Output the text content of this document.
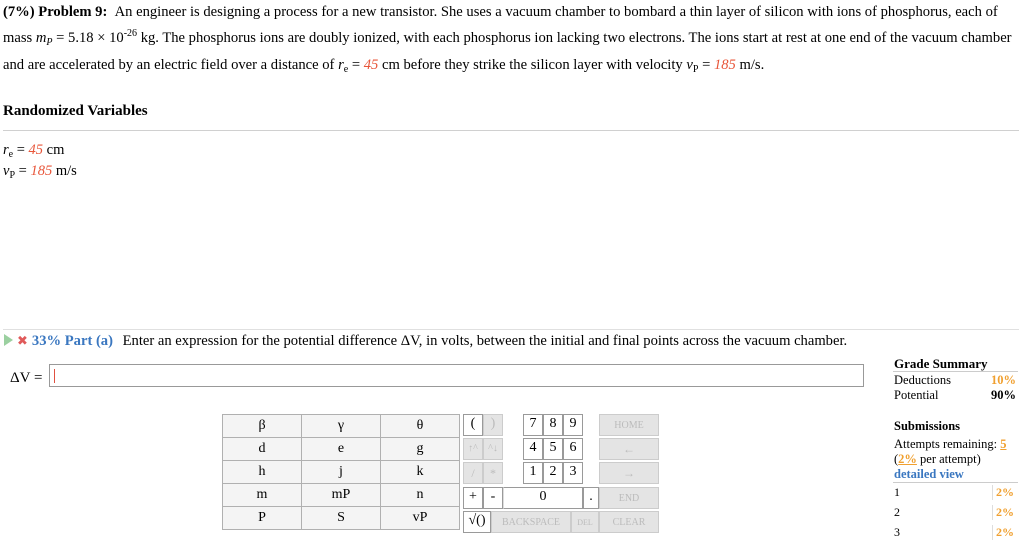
(7%) Problem 9: An engineer is designing a process for a new transistor. She uses a vacuum chamber to bombard a thin layer of silicon with ions of phosphorus, each of mass $m_P = 5.18 \times 10^{-26}$ kg. The phosphorus ions are doubly ionized, with each phosphorus ion lacking two electrons. The ions start at rest at one end of the vacuum chamber and are accelerated by an electric field over a distance of $r_e = 45$ cm before they strike the silicon layer with velocity $v_P = 185$ m/s.
Randomized Variables
$r_e = 45$ cm
$v_P = 185$ m/s
✖ 33% Part (a) Enter an expression for the potential difference ΔV, in volts, between the initial and final points across the vacuum chamber.
ΔV =
β	γ	θ
d	e	g
h	j	k
m	mP	n
P	S	vP
(	)	7 8 9	HOME
↑^	^↓	4 5 6	←
/	*	1 2 3	→
+ -	0	.	END
√()	BACKSPACE	DEL	CLEAR
Grade Summary
Deductions	10%
Potential	90%
Submissions
Attempts remaining: 5
(2% per attempt)
detailed view
1	2%
2	2%
3	2%
